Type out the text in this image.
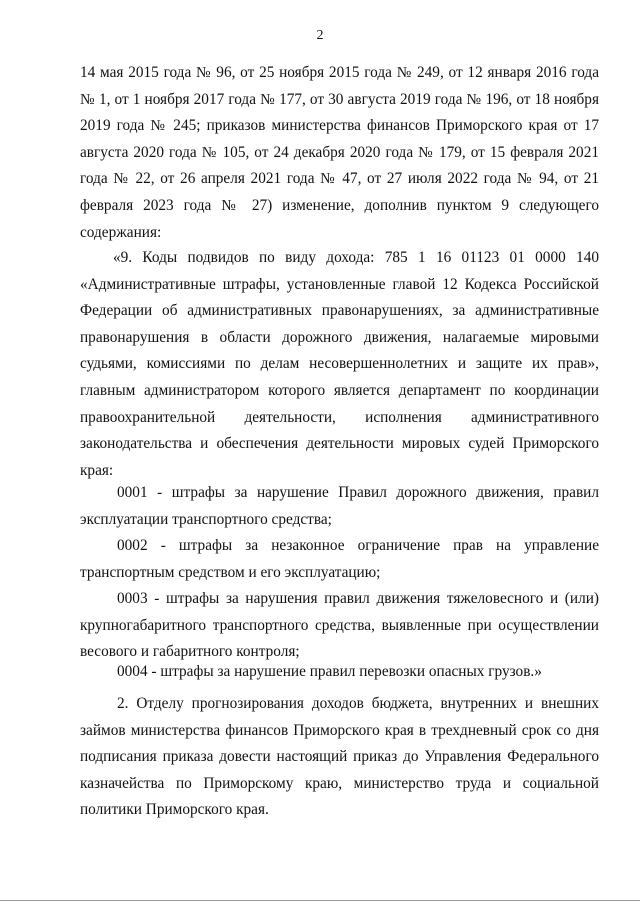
2
14 мая 2015 года № 96, от 25 ноября 2015 года № 249, от 12 января 2016 года № 1, от 1 ноября 2017 года № 177, от 30 августа 2019 года № 196, от 18 ноября 2019 года № 245; приказов министерства финансов Приморского края от 17 августа 2020 года № 105, от 24 декабря 2020 года № 179, от 15 февраля 2021 года № 22, от 26 апреля 2021 года № 47, от 27 июля 2022 года № 94, от 21 февраля 2023 года № 27) изменение, дополнив пунктом 9 следующего содержания:
«9. Коды подвидов по виду дохода: 785 1 16 01123 01 0000 140 «Административные штрафы, установленные главой 12 Кодекса Российской Федерации об административных правонарушениях, за административные правонарушения в области дорожного движения, налагаемые мировыми судьями, комиссиями по делам несовершеннолетних и защите их прав», главным администратором которого является департамент по координации правоохранительной деятельности, исполнения административного законодательства и обеспечения деятельности мировых судей Приморского края:
0001 - штрафы за нарушение Правил дорожного движения, правил эксплуатации транспортного средства;
0002 - штрафы за незаконное ограничение прав на управление транспортным средством и его эксплуатацию;
0003 - штрафы за нарушения правил движения тяжеловесного и (или) крупногабаритного транспортного средства, выявленные при осуществлении весового и габаритного контроля;
0004 - штрафы за нарушение правил перевозки опасных грузов.»
2. Отделу прогнозирования доходов бюджета, внутренних и внешних займов министерства финансов Приморского края в трехдневный срок со дня подписания приказа довести настоящий приказ до Управления Федерального казначейства по Приморскому краю, министерство труда и социальной политики Приморского края.
